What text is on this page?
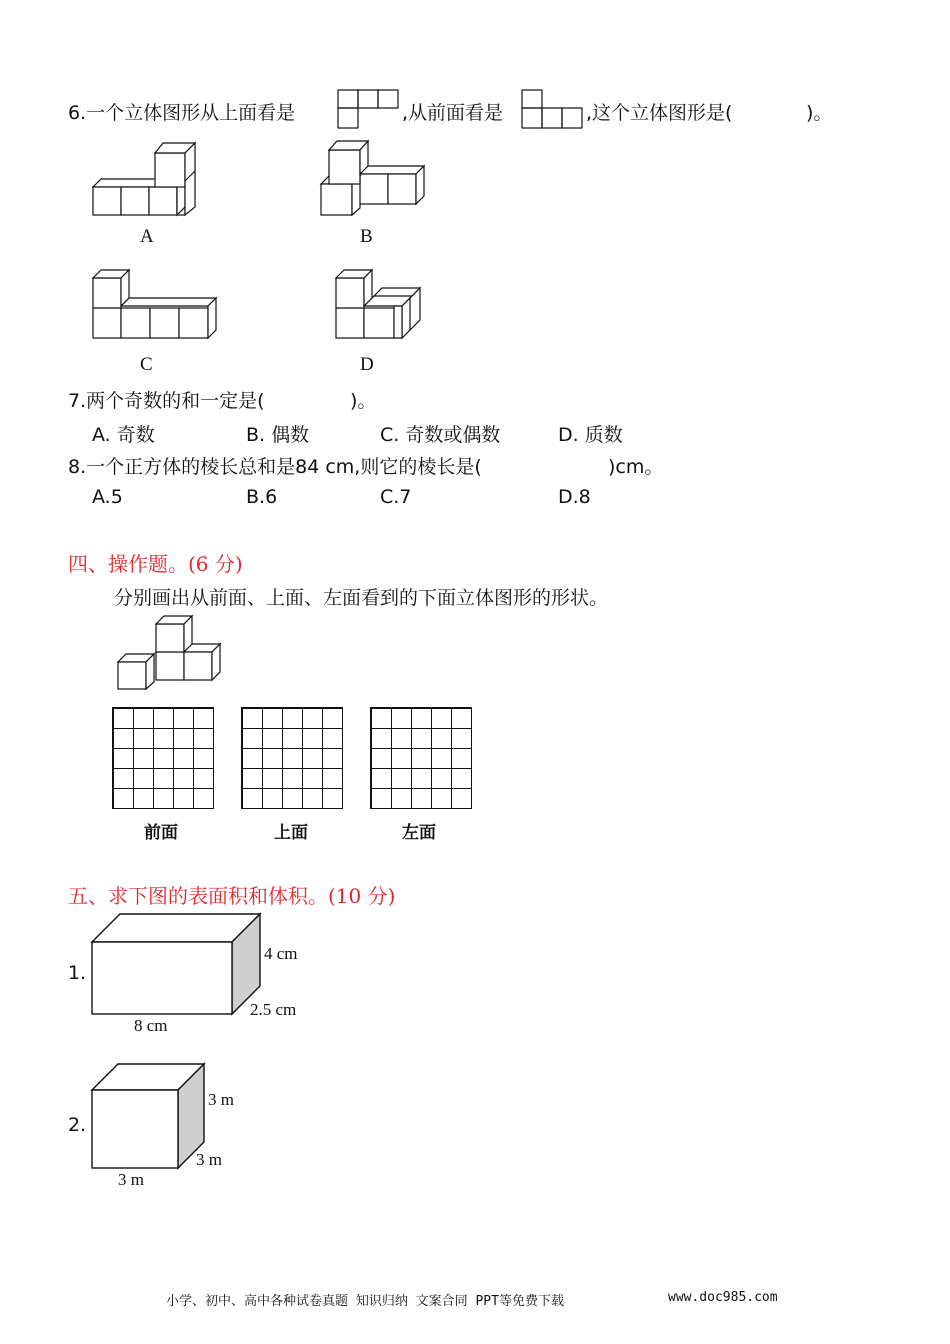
6.一个立体图形从上面看是	,从前面看是	,这个立体图形是(	)。
A	B
C	D
7.两个奇数的和一定是(	)。
A. 奇数	B. 偶数	C. 奇数或偶数	D. 质数
8.一个正方体的棱长总和是84 cm,则它的棱长是(	)cm。
A.5	B.6	C.7	D.8
四、操作题。(6 分)
分别画出从前面、上面、左面看到的下面立体图形的形状。
前面	上面	左面
五、求下图的表面积和体积。(10 分)
1.
4 cm
2.5 cm
8 cm
2.
3 m
3 m
3 m
小学、初中、高中各种试卷真题 知识归纳 文案合同 PPT等免费下载	www.doc985.com
